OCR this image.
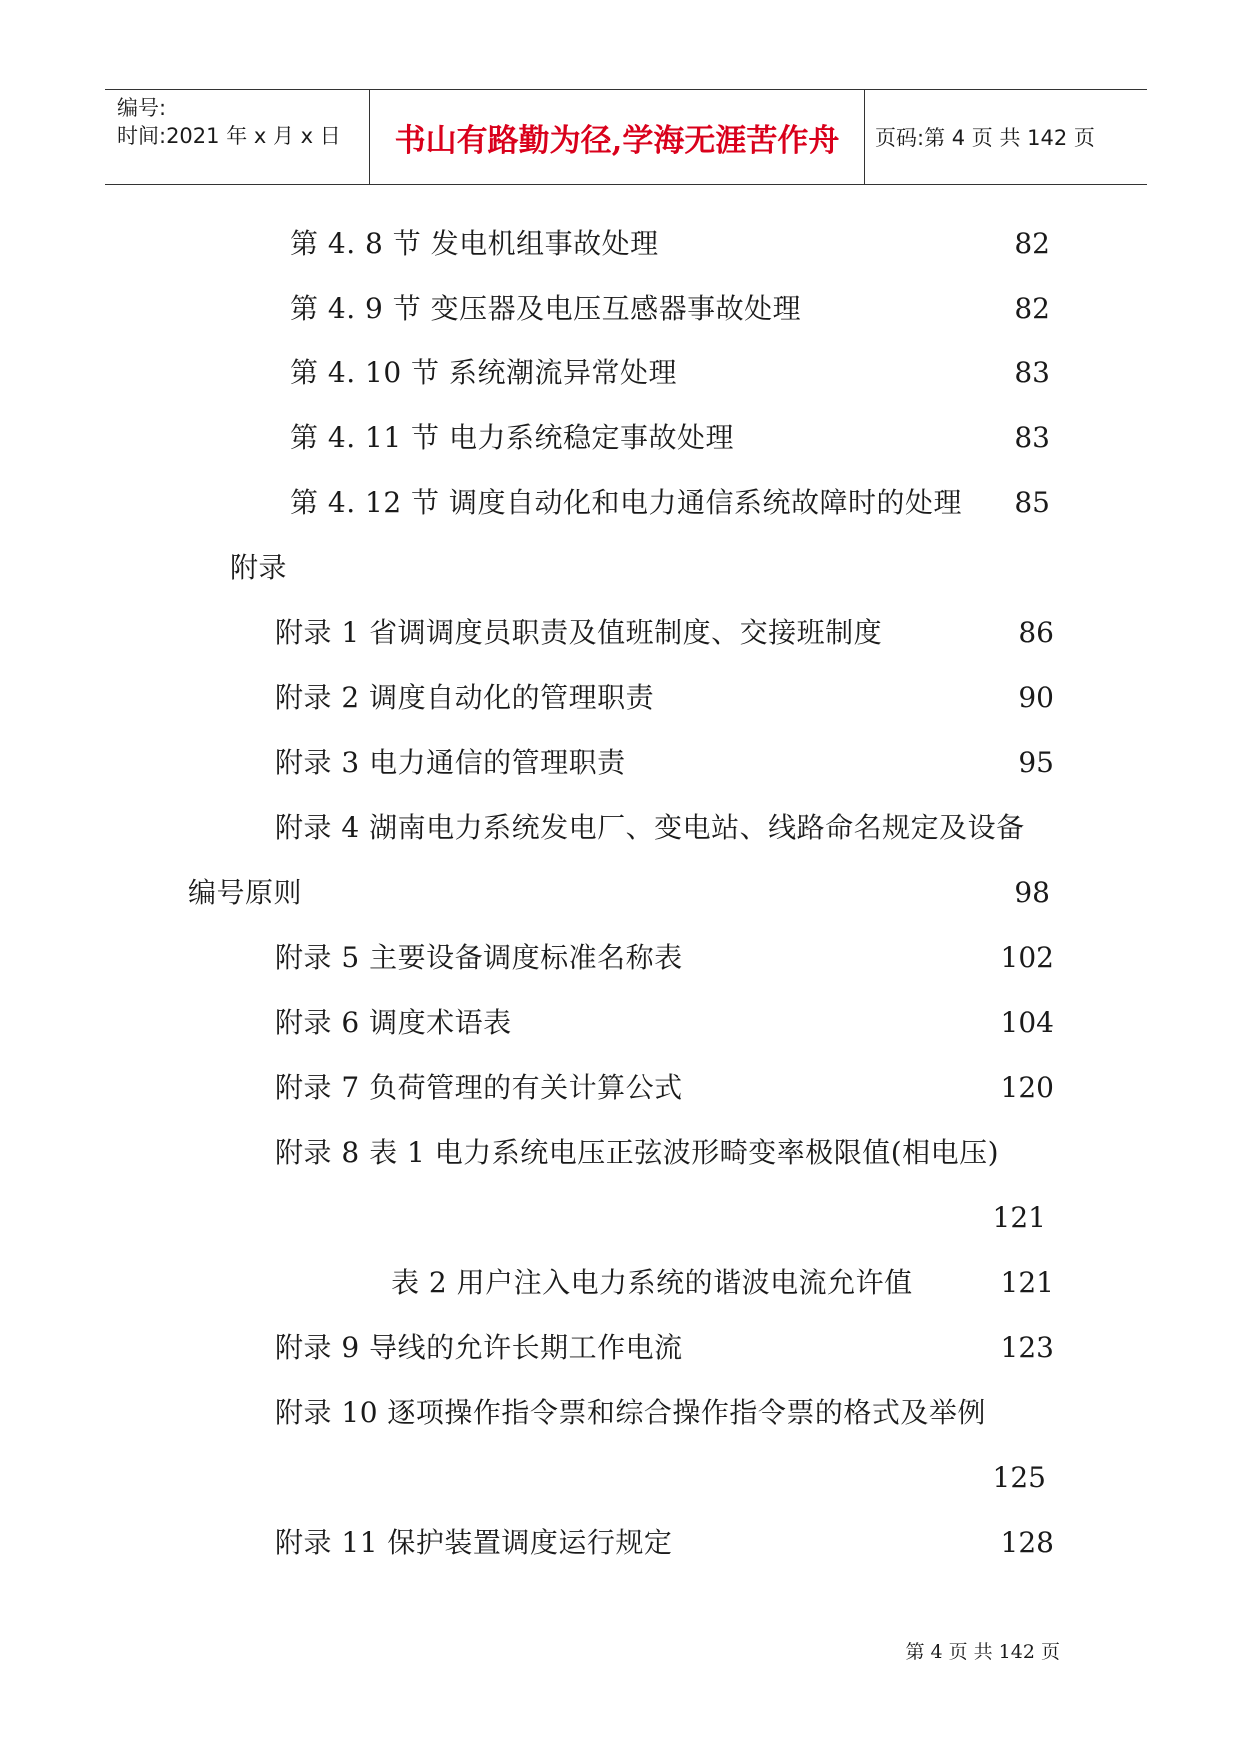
编号:
时间:2021 年 x 月 x 日	书山有路勤为径,学海无涯苦作舟	页码:第 4 页 共 142 页
第 4. 8 节 发电机组事故处理	82
第 4. 9 节 变压器及电压互感器事故处理	82
第 4. 10 节 系统潮流异常处理	83
第 4. 11 节 电力系统稳定事故处理	83
第 4. 12 节 调度自动化和电力通信系统故障时的处理	85
附录
附录 1 省调调度员职责及值班制度、交接班制度	86
附录 2 调度自动化的管理职责	90
附录 3 电力通信的管理职责	95
附录 4 湖南电力系统发电厂、变电站、线路命名规定及设备
编号原则	98
附录 5 主要设备调度标准名称表	102
附录 6 调度术语表	104
附录 7 负荷管理的有关计算公式	120
附录 8 表 1 电力系统电压正弦波形畸变率极限值(相电压)
121
表 2 用户注入电力系统的谐波电流允许值	121
附录 9 导线的允许长期工作电流	123
附录 10 逐项操作指令票和综合操作指令票的格式及举例
125
附录 11 保护装置调度运行规定	128
第 4 页 共 142 页
